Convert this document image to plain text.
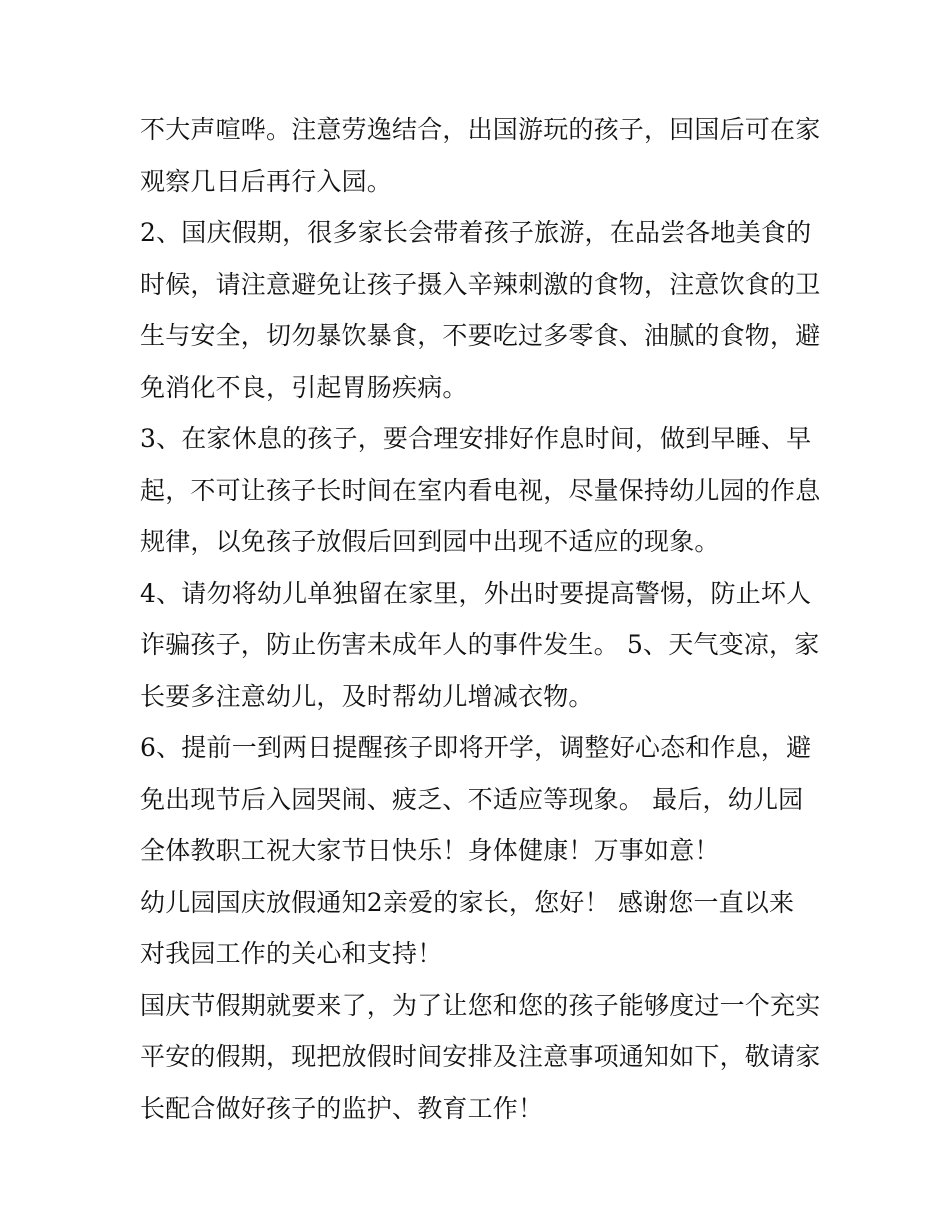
不大声喧哗。注意劳逸结合，出国游玩的孩子，回国后可在家
观察几日后再行入园。
2、国庆假期，很多家长会带着孩子旅游，在品尝各地美食的
时候，请注意避免让孩子摄入辛辣刺激的食物，注意饮食的卫
生与安全，切勿暴饮暴食，不要吃过多零食、油腻的食物，避
免消化不良，引起胃肠疾病。
3、在家休息的孩子，要合理安排好作息时间，做到早睡、早
起，不可让孩子长时间在室内看电视，尽量保持幼儿园的作息
规律，以免孩子放假后回到园中出现不适应的现象。
4、请勿将幼儿单独留在家里，外出时要提高警惕，防止坏人
诈骗孩子，防止伤害未成年人的事件发生。 5、天气变凉，家
长要多注意幼儿，及时帮幼儿增减衣物。
6、提前一到两日提醒孩子即将开学，调整好心态和作息，避
免出现节后入园哭闹、疲乏、不适应等现象。 最后，幼儿园
全体教职工祝大家节日快乐！身体健康！万事如意！
幼儿园国庆放假通知2亲爱的家长，您好！ 感谢您一直以来
对我园工作的关心和支持！
国庆节假期就要来了，为了让您和您的孩子能够度过一个充实
平安的假期，现把放假时间安排及注意事项通知如下，敬请家
长配合做好孩子的监护、教育工作！
